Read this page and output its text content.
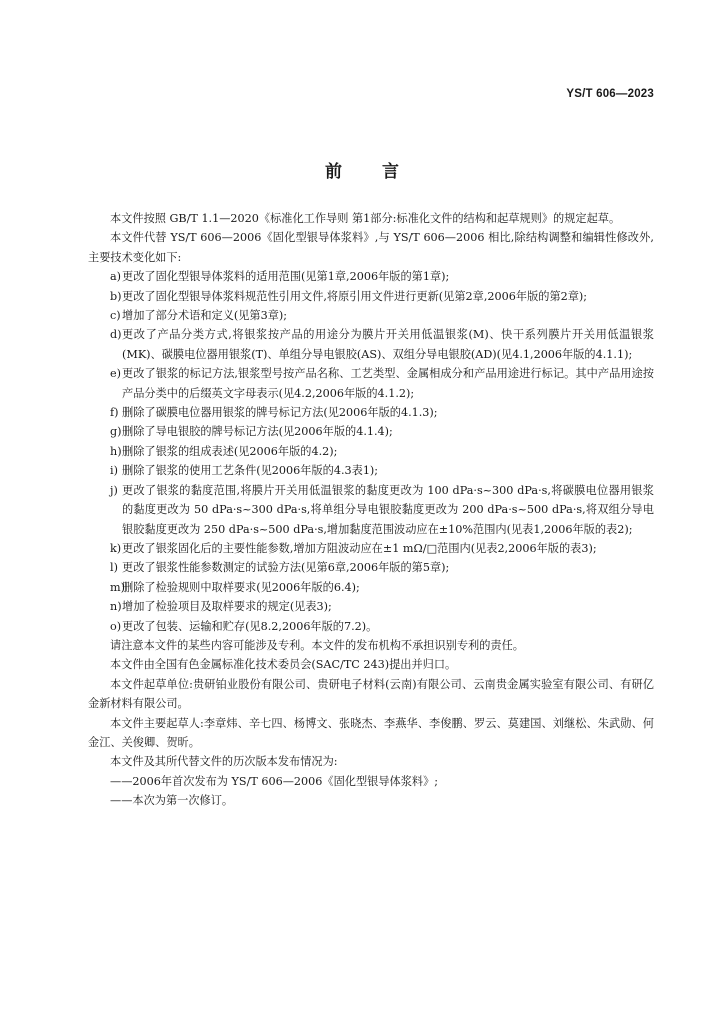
YS/T 606—2023
前言

本文件按照 GB/T 1.1—2020《标准化工作导则 第1部分:标准化文件的结构和起草规则》的规定起草。

本文件代替 YS/T 606—2006《固化型银导体浆料》,与 YS/T 606—2006 相比,除结构调整和编辑性修改外,主要技术变化如下:

a) 更改了固化型银导体浆料的适用范围(见第1章,2006年版的第1章);
b) 更改了固化型银导体浆料规范性引用文件,将原引用文件进行更新(见第2章,2006年版的第2章);
c) 增加了部分术语和定义(见第3章);
d) 更改了产品分类方式,将银浆按产品的用途分为膜片开关用低温银浆(M)、快干系列膜片开关用低温银浆(MK)、碳膜电位器用银浆(T)、单组分导电银胶(AS)、双组分导电银胶(AD)(见4.1,2006年版的4.1.1);
e) 更改了银浆的标记方法,银浆型号按产品名称、工艺类型、金属相成分和产品用途进行标记。其中产品用途按产品分类中的后缀英文字母表示(见4.2,2006年版的4.1.2);
f) 删除了碳膜电位器用银浆的牌号标记方法(见2006年版的4.1.3);
g) 删除了导电银胶的牌号标记方法(见2006年版的4.1.4);
h) 删除了银浆的组成表述(见2006年版的4.2);
i) 删除了银浆的使用工艺条件(见2006年版的4.3表1);
j) 更改了银浆的黏度范围,将膜片开关用低温银浆的黏度更改为 100 dPa·s~300 dPa·s,将碳膜电位器用银浆的黏度更改为 50 dPa·s~300 dPa·s,将单组分导电银胶黏度更改为 200 dPa·s~500 dPa·s,将双组分导电银胶黏度更改为 250 dPa·s~500 dPa·s,增加黏度范围波动应在±10%范围内(见表1,2006年版的表2);
k) 更改了银浆固化后的主要性能参数,增加方阻波动应在±1 mΩ/□范围内(见表2,2006年版的表3);
l) 更改了银浆性能参数测定的试验方法(见第6章,2006年版的第5章);
m)
删除了检验规则中取样要求(见2006年版的6.4);
n) 增加了检验项目及取样要求的规定(见表3);
o) 更改了包装、运输和贮存(见8.2,2006年版的7.2)。

请注意本文件的某些内容可能涉及专利。本文件的发布机构不承担识别专利的责任。

本文件由全国有色金属标准化技术委员会(SAC/TC 243)提出并归口。

本文件起草单位:贵研铂业股份有限公司、贵研电子材料(云南)有限公司、云南贵金属实验室有限公司、有研亿金新材料有限公司。

本文件主要起草人:李章炜、辛七四、杨博文、张晓杰、李燕华、李俊鹏、罗云、莫建国、刘继松、朱武勋、何金江、关俊卿、贺昕。

本文件及其所代替文件的历次版本发布情况为:

——2006年首次发布为 YS/T 606—2006《固化型银导体浆料》;

——本次为第一次修订。
